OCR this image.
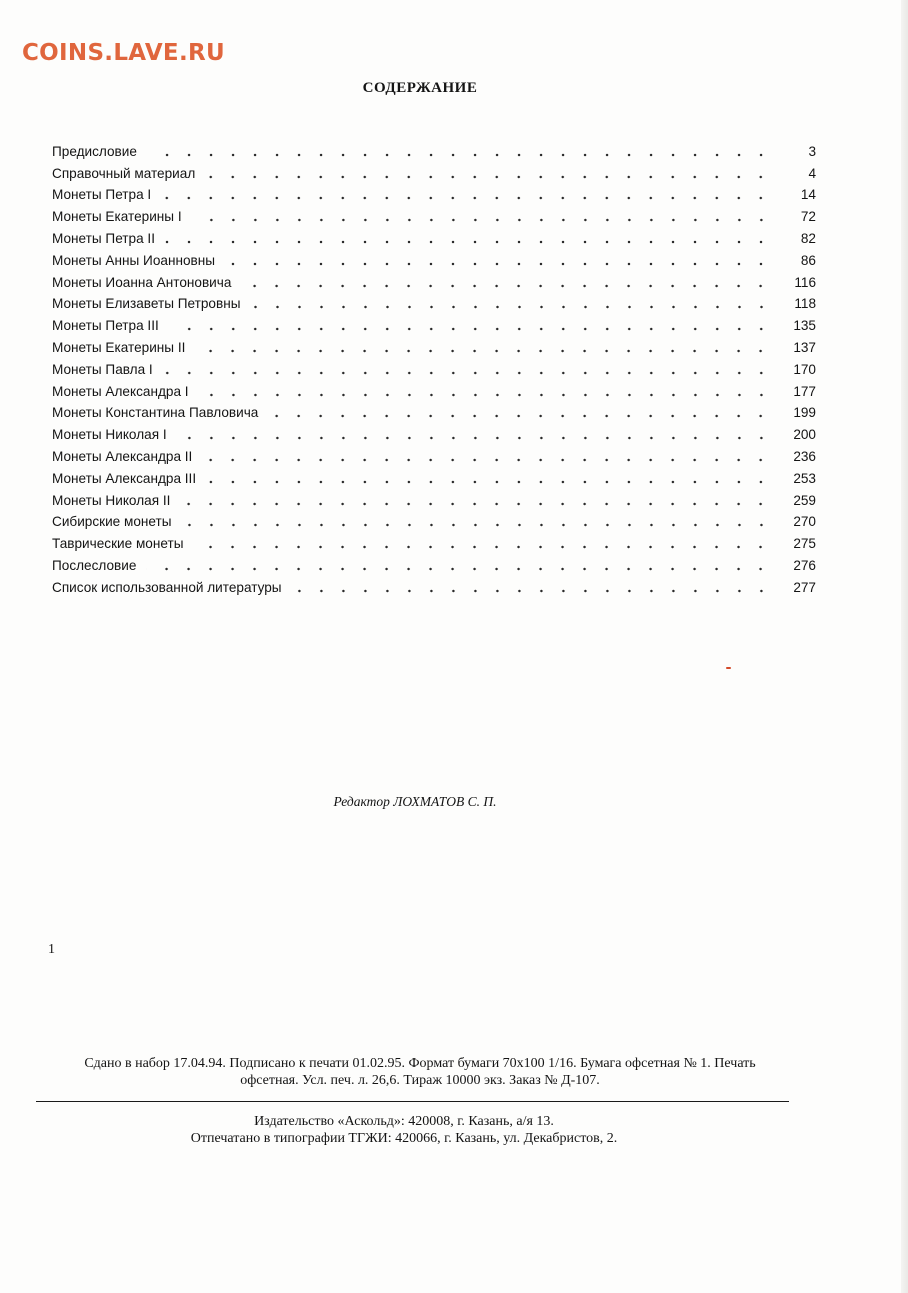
COINS.LAVE.RU
СОДЕРЖАНИЕ
Предисловие	3
Справочный материал	4
Монеты Петра I	14
Монеты Екатерины I	72
Монеты Петра II	82
Монеты Анны Иоанновны	86
Монеты Иоанна Антоновича	116
Монеты Елизаветы Петровны	118
Монеты Петра III	135
Монеты Екатерины II	137
Монеты Павла I	170
Монеты Александра I	177
Монеты Константина Павловича	199
Монеты Николая I	200
Монеты Александра II	236
Монеты Александра III	253
Монеты Николая II	259
Сибирские монеты	270
Таврические монеты	275
Послесловие	276
Список использованной литературы	277
Редактор ЛОХМАТОВ С. П.
1
Сдано в набор 17.04.94. Подписано к печати 01.02.95. Формат бумаги 70x100 1/16. Бумага офсетная № 1. Печать
офсетная. Усл. печ. л. 26,6. Тираж 10000 экз. Заказ № Д-107.
Издательство «Аскольд»: 420008, г. Казань, а/я 13.
Отпечатано в типографии ТГЖИ: 420066, г. Казань, ул. Декабристов, 2.
